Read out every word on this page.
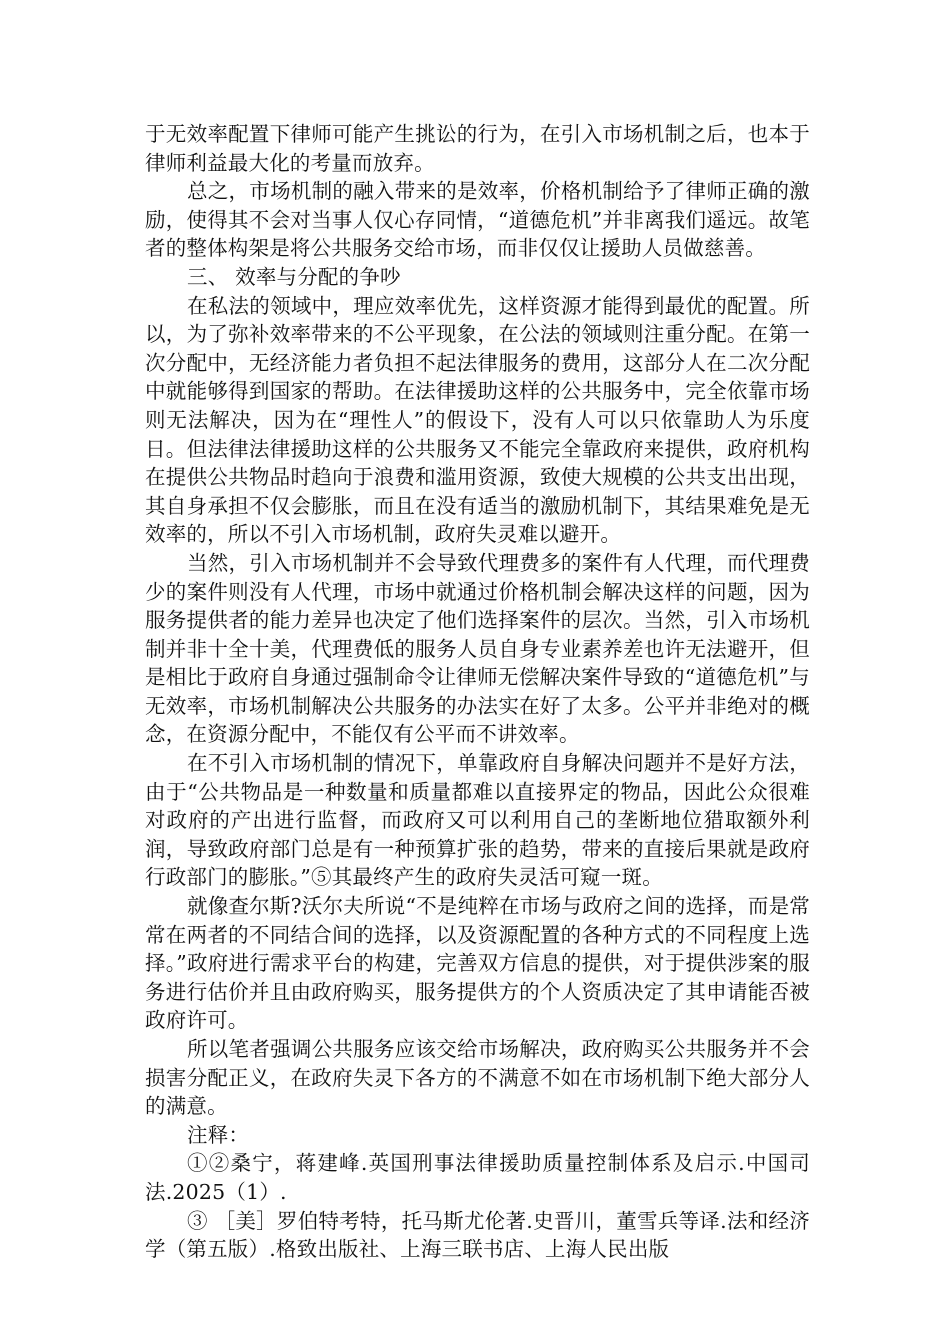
于无效率配置下律师可能产生挑讼的行为，在引入市场机制之后，也本于律师利益最大化的考量而放弃。

总之，市场机制的融入带来的是效率，价格机制给予了律师正确的激励，使得其不会对当事人仅心存同情，“道德危机”并非离我们遥远。故笔者的整体构架是将公共服务交给市场，而非仅仅让援助人员做慈善。

三、 效率与分配的争吵

在私法的领域中，理应效率优先，这样资源才能得到最优的配置。所以，为了弥补效率带来的不公平现象，在公法的领域则注重分配。在第一次分配中，无经济能力者负担不起法律服务的费用，这部分人在二次分配中就能够得到国家的帮助。在法律援助这样的公共服务中，完全依靠市场则无法解决，因为在“理性人”的假设下，没有人可以只依靠助人为乐度日。但法律法律援助这样的公共服务又不能完全靠政府来提供，政府机构在提供公共物品时趋向于浪费和滥用资源，致使大规模的公共支出出现，其自身承担不仅会膨胀，而且在没有适当的激励机制下，其结果难免是无效率的，所以不引入市场机制，政府失灵难以避开。

当然，引入市场机制并不会导致代理费多的案件有人代理，而代理费少的案件则没有人代理，市场中就通过价格机制会解决这样的问题，因为服务提供者的能力差异也决定了他们选择案件的层次。当然，引入市场机制并非十全十美，代理费低的服务人员自身专业素养差也许无法避开，但是相比于政府自身通过强制命令让律师无偿解决案件导致的“道德危机”与无效率，市场机制解决公共服务的办法实在好了太多。公平并非绝对的概念，在资源分配中，不能仅有公平而不讲效率。

在不引入市场机制的情况下，单靠政府自身解决问题并不是好方法，由于“公共物品是一种数量和质量都难以直接界定的物品，因此公众很难对政府的产出进行监督，而政府又可以利用自己的垄断地位猎取额外利润，导致政府部门总是有一种预算扩张的趋势，带来的直接后果就是政府行政部门的膨胀。”⑤其最终产生的政府失灵活可窥一斑。

就像查尔斯?沃尔夫所说“不是纯粹在市场与政府之间的选择，而是常常在两者的不同结合间的选择，以及资源配置的各种方式的不同程度上选择。”政府进行需求平台的构建，完善双方信息的提供，对于提供涉案的服务进行估价并且由政府购买，服务提供方的个人资质决定了其申请能否被政府许可。

所以笔者强调公共服务应该交给市场解决，政府购买公共服务并不会损害分配正义，在政府失灵下各方的不满意不如在市场机制下绝大部分人的满意。

注释：

①②桑宁，蒋建峰.英国刑事法律援助质量控制体系及启示.中国司法.2025（1）.

③ ［美］罗伯特考特，托马斯尤伦著.史晋川，董雪兵等译.法和经济学（第五版）.格致出版社、上海三联书店、上海人民出版
